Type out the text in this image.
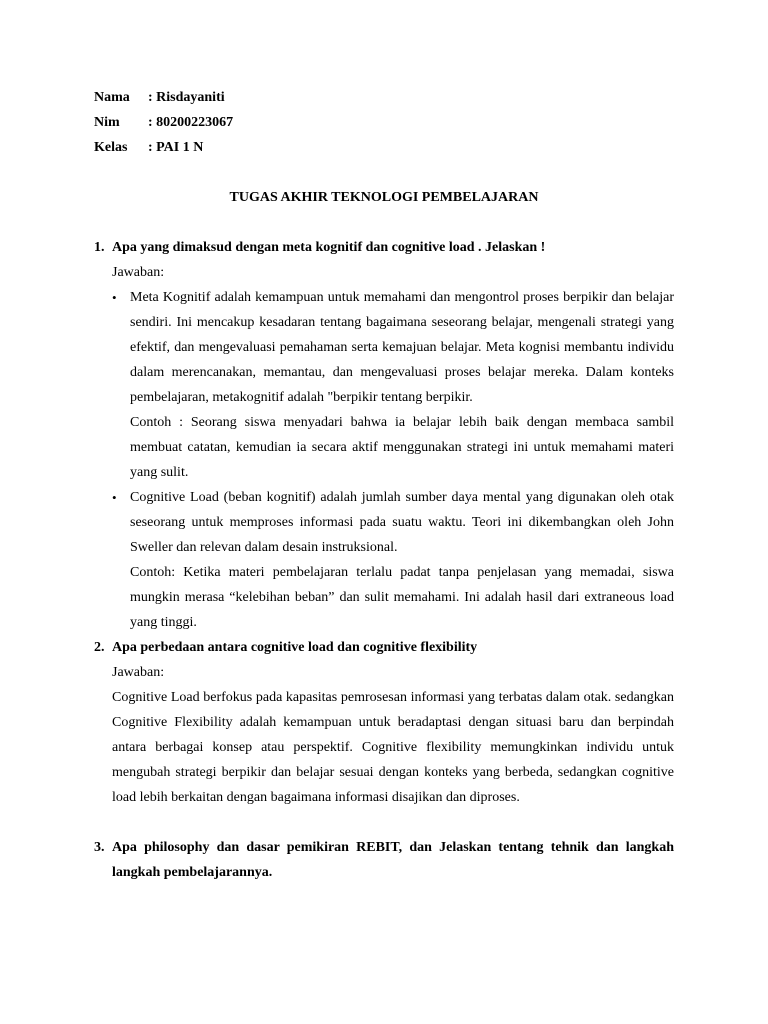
Nama	: Risdayaniti
Nim	: 80200223067
Kelas	: PAI 1 N
TUGAS AKHIR TEKNOLOGI PEMBELAJARAN
1. Apa yang dimaksud dengan meta kognitif dan cognitive load . Jelaskan !
Jawaban:
• Meta Kognitif adalah kemampuan untuk memahami dan mengontrol proses berpikir dan belajar sendiri. Ini mencakup kesadaran tentang bagaimana seseorang belajar, mengenali strategi yang efektif, dan mengevaluasi pemahaman serta kemajuan belajar. Meta kognisi membantu individu dalam merencanakan, memantau, dan mengevaluasi proses belajar mereka. Dalam konteks pembelajaran, metakognitif adalah "berpikir tentang berpikir.
Contoh : Seorang siswa menyadari bahwa ia belajar lebih baik dengan membaca sambil membuat catatan, kemudian ia secara aktif menggunakan strategi ini untuk memahami materi yang sulit.
• Cognitive Load (beban kognitif) adalah jumlah sumber daya mental yang digunakan oleh otak seseorang untuk memproses informasi pada suatu waktu. Teori ini dikembangkan oleh John Sweller dan relevan dalam desain instruksional.
Contoh: Ketika materi pembelajaran terlalu padat tanpa penjelasan yang memadai, siswa mungkin merasa “kelebihan beban” dan sulit memahami. Ini adalah hasil dari extraneous load yang tinggi.
2. Apa perbedaan antara cognitive load dan cognitive flexibility
Jawaban:
Cognitive Load berfokus pada kapasitas pemrosesan informasi yang terbatas dalam otak. sedangkan Cognitive Flexibility adalah kemampuan untuk beradaptasi dengan situasi baru dan berpindah antara berbagai konsep atau perspektif. Cognitive flexibility memungkinkan individu untuk mengubah strategi berpikir dan belajar sesuai dengan konteks yang berbeda, sedangkan cognitive load lebih berkaitan dengan bagaimana informasi disajikan dan diproses.
3. Apa philosophy dan dasar pemikiran REBIT, dan Jelaskan tentang tehnik dan langkah langkah pembelajarannya.
